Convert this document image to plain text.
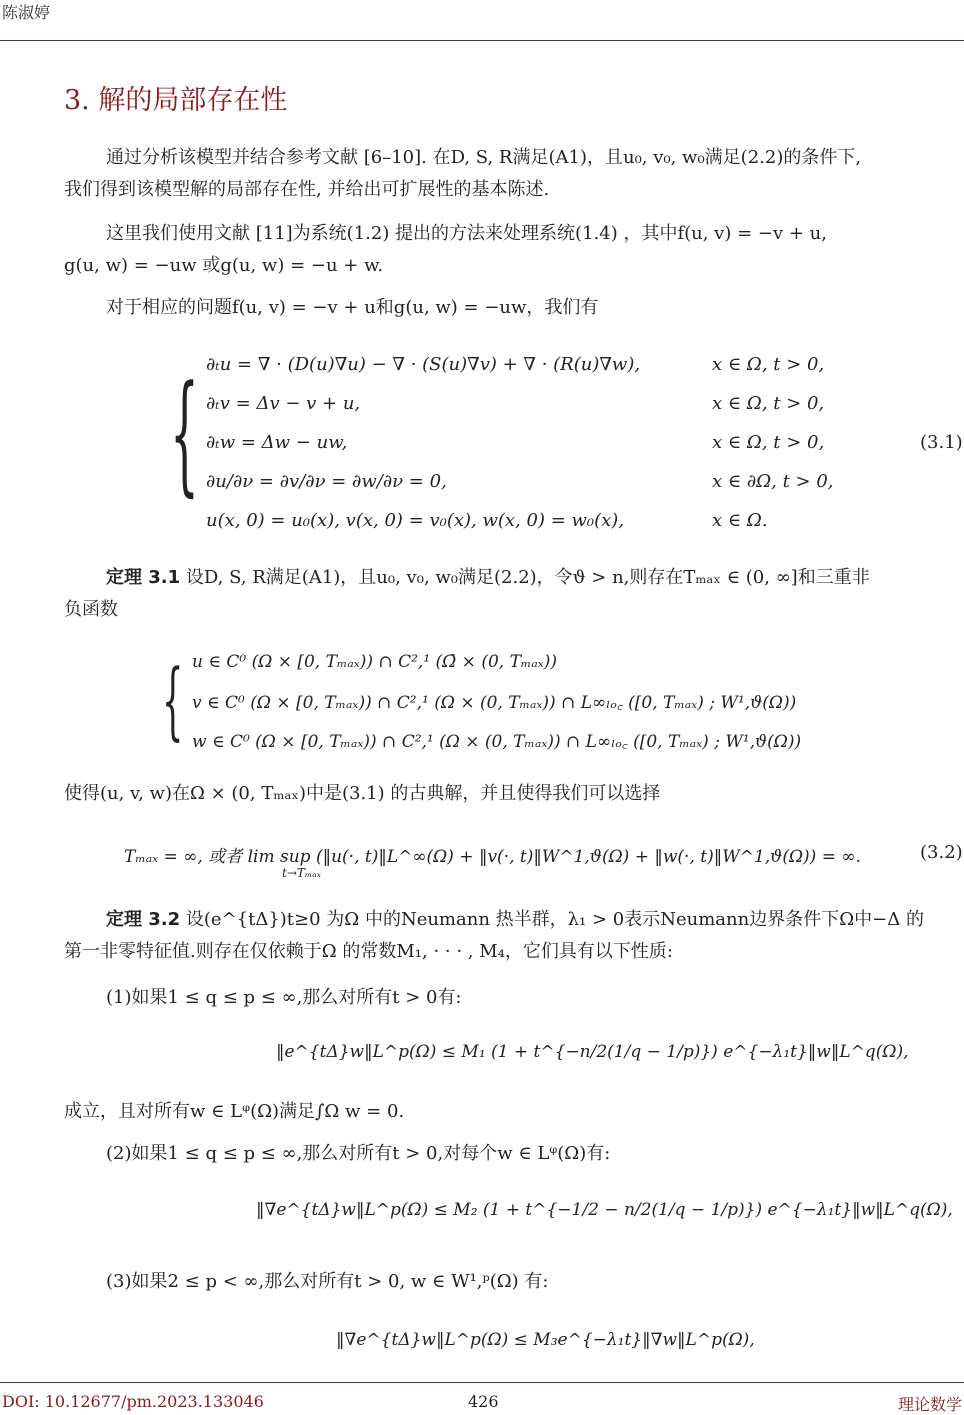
陈淑婷
3. 解的局部存在性
通过分析该模型并结合参考文献 [6–10]. 在D, S, R满足(A1)，且u₀, v₀, w₀满足(2.2)的条件下,
我们得到该模型解的局部存在性, 并给出可扩展性的基本陈述.
这里我们使用文献 [11]为系统(1.2) 提出的方法来处理系统(1.4) ，其中f(u, v) = −v + u,
g(u, w) = −uw 或g(u, w) = −u + w.
对于相应的问题f(u, v) = −v + u和g(u, w) = −uw，我们有
{ ∂ₜu = ∇ · (D(u)∇u) − ∇ · (S(u)∇v) + ∇ · (R(u)∇w),	x ∈ Ω, t > 0,
∂ₜv = Δv − v + u,	x ∈ Ω, t > 0,
∂ₜw = Δw − uw,	x ∈ Ω, t > 0,
∂u/∂ν = ∂v/∂ν = ∂w/∂ν = 0,	x ∈ ∂Ω, t > 0,
u(x, 0) = u₀(x), v(x, 0) = v₀(x), w(x, 0) = w₀(x),	x ∈ Ω.
(3.1)
定理 3.1 设D, S, R满足(A1)，且u₀, v₀, w₀满足(2.2)，令ϑ > n,则存在Tₘₐₓ ∈ (0, ∞]和三重非
负函数
{ u ∈ C⁰ (Ω × [0, Tₘₐₓ)) ∩ C²,¹ (Ω̄ × (0, Tₘₐₓ))
v ∈ C⁰ (Ω × [0, Tₘₐₓ)) ∩ C²,¹ (Ω × (0, Tₘₐₓ)) ∩ L∞ₗₒ꜀ ([0, Tₘₐₓ) ; W¹,ϑ(Ω))
w ∈ C⁰ (Ω × [0, Tₘₐₓ)) ∩ C²,¹ (Ω × (0, Tₘₐₓ)) ∩ L∞ₗₒ꜀ ([0, Tₘₐₓ) ; W¹,ϑ(Ω))
使得(u, v, w)在Ω × (0, Tₘₐₓ)中是(3.1) 的古典解，并且使得我们可以选择
Tₘₐₓ = ∞, 或者 lim sup (‖u(·, t)‖L^∞(Ω) + ‖v(·, t)‖W^1,ϑ(Ω) + ‖w(·, t)‖W^1,ϑ(Ω)) = ∞.
t→Tₘₐₓ
(3.2)
定理 3.2 设(e^{tΔ})t≥0 为Ω 中的Neumann 热半群，λ₁ > 0表示Neumann边界条件下Ω中−Δ 的
第一非零特征值.则存在仅依赖于Ω 的常数M₁, · · · , M₄，它们具有以下性质:
(1)如果1 ≤ q ≤ p ≤ ∞,那么对所有t > 0有:
‖e^{tΔ}w‖L^p(Ω) ≤ M₁ (1 + t^{−n/2(1/q − 1/p)}) e^{−λ₁t}‖w‖L^q(Ω),
成立，且对所有w ∈ Lᵠ(Ω)满足∫Ω w = 0.
(2)如果1 ≤ q ≤ p ≤ ∞,那么对所有t > 0,对每个w ∈ Lᵠ(Ω)有:
‖∇e^{tΔ}w‖L^p(Ω) ≤ M₂ (1 + t^{−1/2 − n/2(1/q − 1/p)}) e^{−λ₁t}‖w‖L^q(Ω),
(3)如果2 ≤ p < ∞,那么对所有t > 0, w ∈ W¹,ᵖ(Ω) 有:
‖∇e^{tΔ}w‖L^p(Ω) ≤ M₃e^{−λ₁t}‖∇w‖L^p(Ω),
DOI: 10.12677/pm.2023.133046	426	理论数学
